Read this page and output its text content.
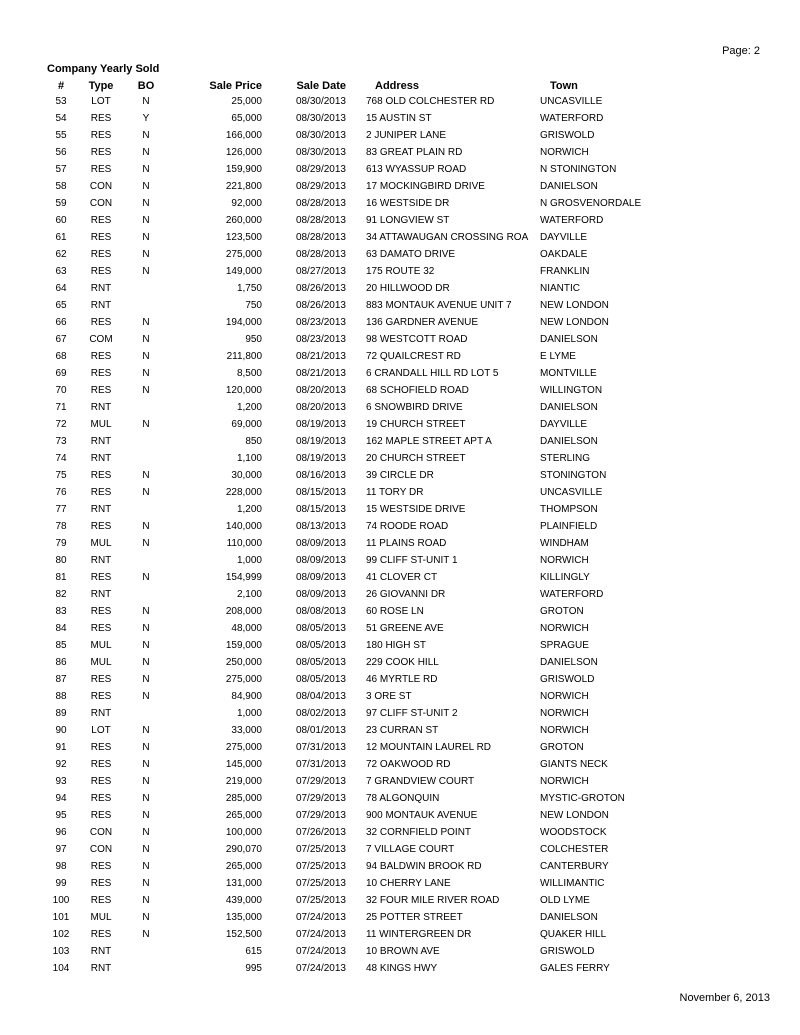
Page: 2
Company Yearly Sold
#	Type	BO	Sale Price	Sale Date		Address	Town
53	LOT	N	25,000	08/30/2013		768 OLD COLCHESTER RD	UNCASVILLE
54	RES	Y	65,000	08/30/2013		15 AUSTIN ST	WATERFORD
55	RES	N	166,000	08/30/2013		2 JUNIPER LANE	GRISWOLD
56	RES	N	126,000	08/30/2013		83 GREAT PLAIN RD	NORWICH
57	RES	N	159,900	08/29/2013		613 WYASSUP ROAD	N STONINGTON
58	CON	N	221,800	08/29/2013		17 MOCKINGBIRD DRIVE	DANIELSON
59	CON	N	92,000	08/28/2013		16 WESTSIDE DR	N GROSVENORDALE
60	RES	N	260,000	08/28/2013		91 LONGVIEW ST	WATERFORD
61	RES	N	123,500	08/28/2013		34 ATTAWAUGAN CROSSING ROA	DAYVILLE
62	RES	N	275,000	08/28/2013		63 DAMATO DRIVE	OAKDALE
63	RES	N	149,000	08/27/2013		175 ROUTE 32	FRANKLIN
64	RNT		1,750	08/26/2013		20 HILLWOOD DR	NIANTIC
65	RNT		750	08/26/2013		883 MONTAUK AVENUE UNIT 7	NEW LONDON
66	RES	N	194,000	08/23/2013		136 GARDNER AVENUE	NEW LONDON
67	COM	N	950	08/23/2013		98 WESTCOTT ROAD	DANIELSON
68	RES	N	211,800	08/21/2013		72 QUAILCREST RD	E LYME
69	RES	N	8,500	08/21/2013		6 CRANDALL HILL RD LOT 5	MONTVILLE
70	RES	N	120,000	08/20/2013		68 SCHOFIELD ROAD	WILLINGTON
71	RNT		1,200	08/20/2013		6 SNOWBIRD DRIVE	DANIELSON
72	MUL	N	69,000	08/19/2013		19 CHURCH STREET	DAYVILLE
73	RNT		850	08/19/2013		162 MAPLE STREET APT A	DANIELSON
74	RNT		1,100	08/19/2013		20 CHURCH STREET	STERLING
75	RES	N	30,000	08/16/2013		39 CIRCLE DR	STONINGTON
76	RES	N	228,000	08/15/2013		11 TORY DR	UNCASVILLE
77	RNT		1,200	08/15/2013		15 WESTSIDE DRIVE	THOMPSON
78	RES	N	140,000	08/13/2013		74 ROODE ROAD	PLAINFIELD
79	MUL	N	110,000	08/09/2013		11 PLAINS ROAD	WINDHAM
80	RNT		1,000	08/09/2013		99 CLIFF ST-UNIT 1	NORWICH
81	RES	N	154,999	08/09/2013		41 CLOVER CT	KILLINGLY
82	RNT		2,100	08/09/2013		26 GIOVANNI DR	WATERFORD
83	RES	N	208,000	08/08/2013		60 ROSE LN	GROTON
84	RES	N	48,000	08/05/2013		51 GREENE AVE	NORWICH
85	MUL	N	159,000	08/05/2013		180 HIGH ST	SPRAGUE
86	MUL	N	250,000	08/05/2013		229 COOK HILL	DANIELSON
87	RES	N	275,000	08/05/2013		46 MYRTLE RD	GRISWOLD
88	RES	N	84,900	08/04/2013		3 ORE ST	NORWICH
89	RNT		1,000	08/02/2013		97 CLIFF ST-UNIT 2	NORWICH
90	LOT	N	33,000	08/01/2013		23 CURRAN ST	NORWICH
91	RES	N	275,000	07/31/2013		12 MOUNTAIN LAUREL RD	GROTON
92	RES	N	145,000	07/31/2013		72 OAKWOOD RD	GIANTS NECK
93	RES	N	219,000	07/29/2013		7 GRANDVIEW COURT	NORWICH
94	RES	N	285,000	07/29/2013		78 ALGONQUIN	MYSTIC-GROTON
95	RES	N	265,000	07/29/2013		900 MONTAUK AVENUE	NEW LONDON
96	CON	N	100,000	07/26/2013		32 CORNFIELD POINT	WOODSTOCK
97	CON	N	290,070	07/25/2013		7 VILLAGE COURT	COLCHESTER
98	RES	N	265,000	07/25/2013		94 BALDWIN BROOK RD	CANTERBURY
99	RES	N	131,000	07/25/2013		10 CHERRY LANE	WILLIMANTIC
100	RES	N	439,000	07/25/2013		32 FOUR MILE RIVER ROAD	OLD LYME
101	MUL	N	135,000	07/24/2013		25 POTTER STREET	DANIELSON
102	RES	N	152,500	07/24/2013		11 WINTERGREEN DR	QUAKER HILL
103	RNT		615	07/24/2013		10 BROWN AVE	GRISWOLD
104	RNT		995	07/24/2013		48 KINGS HWY	GALES FERRY
November 6, 2013
